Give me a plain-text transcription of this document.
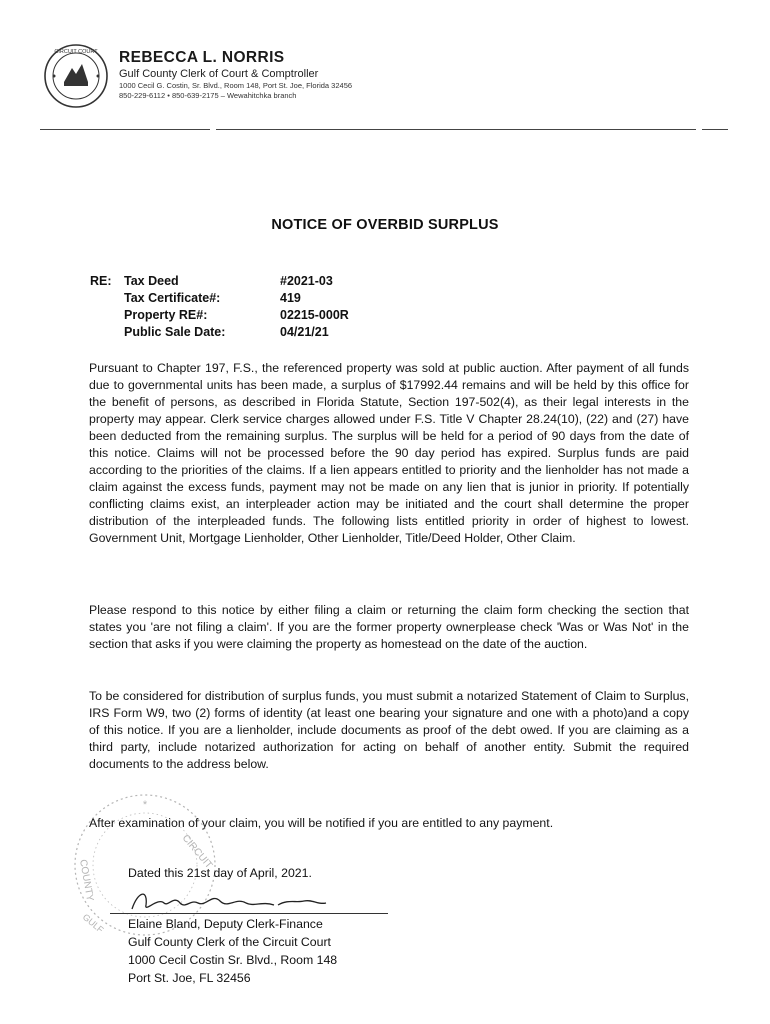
CIRCUIT COURT REBECCA L. NORRIS
Gulf County Clerk of Court & Comptroller
1000 Cecil G. Costin, Sr. Blvd., Room 148, Port St. Joe, Florida 32456
850-229-6112 • 850-639-2175 – Wewahitchka branch
NOTICE OF OVERBID SURPLUS
RE: Tax Deed	#2021-03
Tax Certificate#:	419
Property RE#:	02215-000R
Public Sale Date:	04/21/21
Pursuant to Chapter 197, F.S., the referenced property was sold at public auction. After payment of all funds due to governmental units has been made, a surplus of $17992.44 remains and will be held by this office for the benefit of persons, as described in Florida Statute, Section 197-502(4), as their legal interests in the property may appear. Clerk service charges allowed under F.S. Title V Chapter 28.24(10), (22) and (27) have been deducted from the remaining surplus. The surplus will be held for a period of 90 days from the date of this notice. Claims will not be processed before the 90 day period has expired. Surplus funds are paid according to the priorities of the claims. If a lien appears entitled to priority and the lienholder has not made a claim against the excess funds, payment may not be made on any lien that is junior in priority. If potentially conflicting claims exist, an interpleader action may be initiated and the court shall determine the proper distribution of the interpleaded funds. The following lists entitled priority in order of highest to lowest. Government Unit, Mortgage Lienholder, Other Lienholder, Title/Deed Holder, Other Claim.
Please respond to this notice by either filing a claim or returning the claim form checking the section that states you 'are not filing a claim'. If you are the former property ownerplease check 'Was or Was Not' in the section that asks if you were claiming the property as homestead on the date of the auction.
To be considered for distribution of surplus funds, you must submit a notarized Statement of Claim to Surplus, IRS Form W9, two (2) forms of identity (at least one bearing your signature and one with a photo)and a copy of this notice. If you are a lienholder, include documents as proof of the debt owed. If you are claiming as a third party, include notarized authorization for acting on behalf of another entity. Submit the required documents to the address below.
After examination of your claim, you will be notified if you are entitled to any payment.
*
CIRCUIT
COUNTY
GULF
Dated this 21st day of April, 2021.
Elaine Bland, Deputy Clerk-Finance
Gulf County Clerk of the Circuit Court
1000 Cecil Costin Sr. Blvd., Room 148
Port St. Joe, FL 32456
